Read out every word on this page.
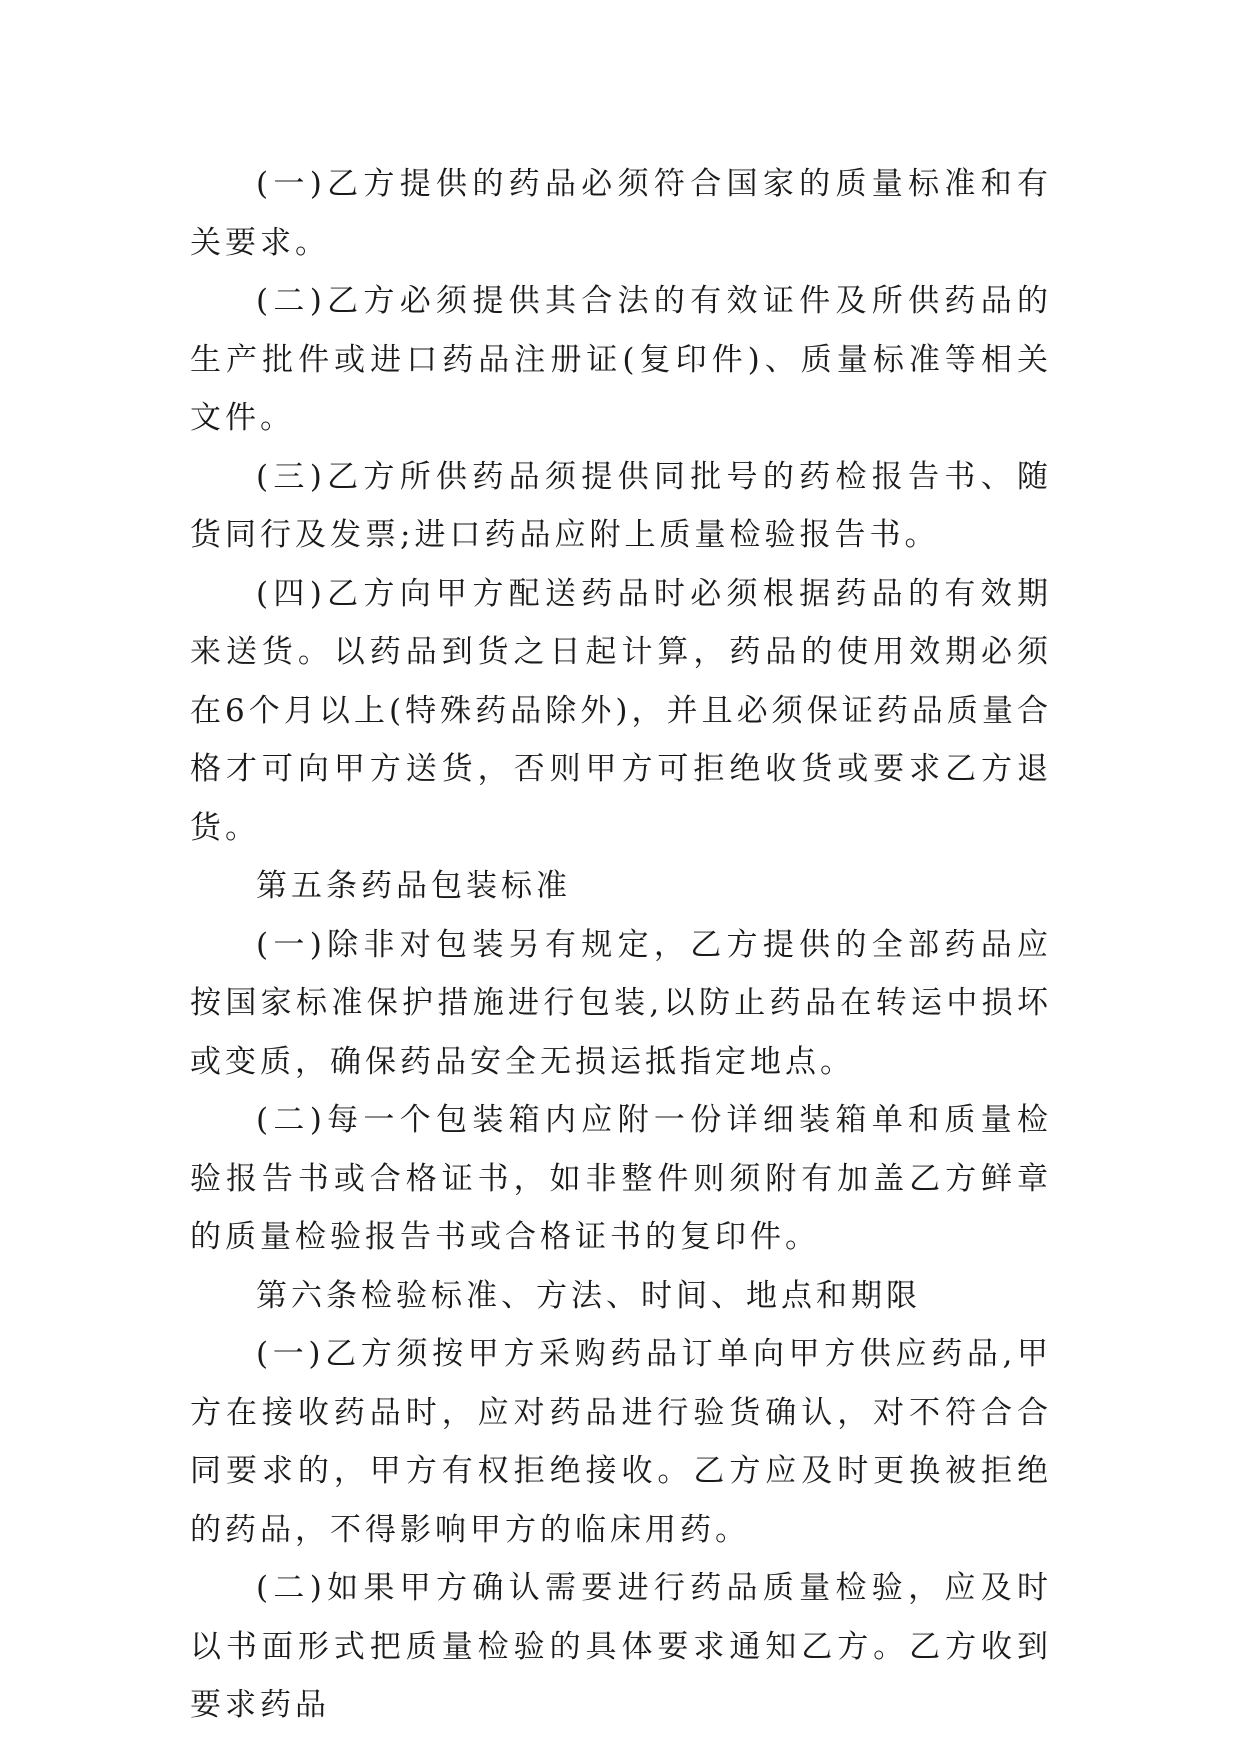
(一)乙方提供的药品必须符合国家的质量标准和有关要求。

(二)乙方必须提供其合法的有效证件及所供药品的生产批件或进口药品注册证(复印件)、质量标准等相关文件。

(三)乙方所供药品须提供同批号的药检报告书、随货同行及发票;进口药品应附上质量检验报告书。

(四)乙方向甲方配送药品时必须根据药品的有效期来送货。以药品到货之日起计算，药品的使用效期必须在6个月以上(特殊药品除外)，并且必须保证药品质量合格才可向甲方送货，否则甲方可拒绝收货或要求乙方退货。

第五条药品包装标准

(一)除非对包装另有规定，乙方提供的全部药品应按国家标准保护措施进行包装,以防止药品在转运中损坏或变质，确保药品安全无损运抵指定地点。

(二)每一个包装箱内应附一份详细装箱单和质量检验报告书或合格证书，如非整件则须附有加盖乙方鲜章的质量检验报告书或合格证书的复印件。

第六条检验标准、方法、时间、地点和期限

(一)乙方须按甲方采购药品订单向甲方供应药品,甲方在接收药品时，应对药品进行验货确认，对不符合合同要求的，甲方有权拒绝接收。乙方应及时更换被拒绝的药品，不得影响甲方的临床用药。

(二)如果甲方确认需要进行药品质量检验，应及时以书面形式把质量检验的具体要求通知乙方。乙方收到要求药品
